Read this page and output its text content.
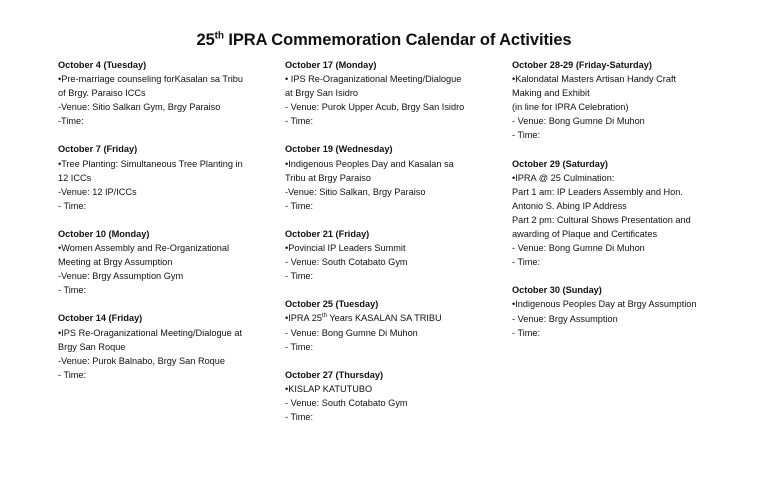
25th IPRA Commemoration Calendar of Activities
October 4 (Tuesday)
•Pre-marriage counseling forKasalan sa Tribu
of Brgy. Paraiso ICCs
-Venue: Sitio Salkan Gym, Brgy Paraiso
-Time:
October 7 (Friday)
•Tree Planting: Simultaneous Tree Planting in
12 ICCs
-Venue: 12 IP/ICCs
- Time:
October 10 (Monday)
•Women Assembly and Re-Organizational
Meeting at Brgy Assumption
-Venue: Brgy Assumption Gym
- Time:
October 14 (Friday)
•IPS Re-Oraganizational Meeting/Dialogue at
Brgy San Roque
-Venue: Purok Balnabo, Brgy San Roque
- Time:
October 17 (Monday)
• IPS Re-Oraganizational Meeting/Dialogue
at Brgy San Isidro
- Venue: Purok Upper Acub, Brgy San Isidro
- Time:
October 19 (Wednesday)
•Indigenous Peoples Day and Kasalan sa
Tribu at Brgy Paraiso
-Venue: Sitio Salkan, Brgy Paraiso
- Time:
October 21 (Friday)
•Povincial IP Leaders Summit
- Venue: South Cotabato Gym
- Time:
October 25 (Tuesday)
•IPRA 25th Years KASALAN SA TRIBU
- Venue: Bong Gumne Di Muhon
- Time:
October 27 (Thursday)
•KISLAP KATUTUBO
- Venue: South Cotabato Gym
- Time:
October 28-29 (Friday-Saturday)
•Kalondatal Masters Artisan Handy Craft
Making and Exhibit
(in line for IPRA Celebration)
- Venue: Bong Gumne Di Muhon
- Time:
October 29 (Saturday)
•IPRA @ 25 Culmination:
Part 1 am: IP Leaders Assembly and Hon.
Antonio S. Abing IP Address
Part 2 pm: Cultural Shows Presentation and
awarding of Plaque and Certificates
- Venue: Bong Gumne Di Muhon
- Time:
October 30 (Sunday)
•Indigenous Peoples Day at Brgy Assumption
- Venue: Brgy Assumption
- Time:
